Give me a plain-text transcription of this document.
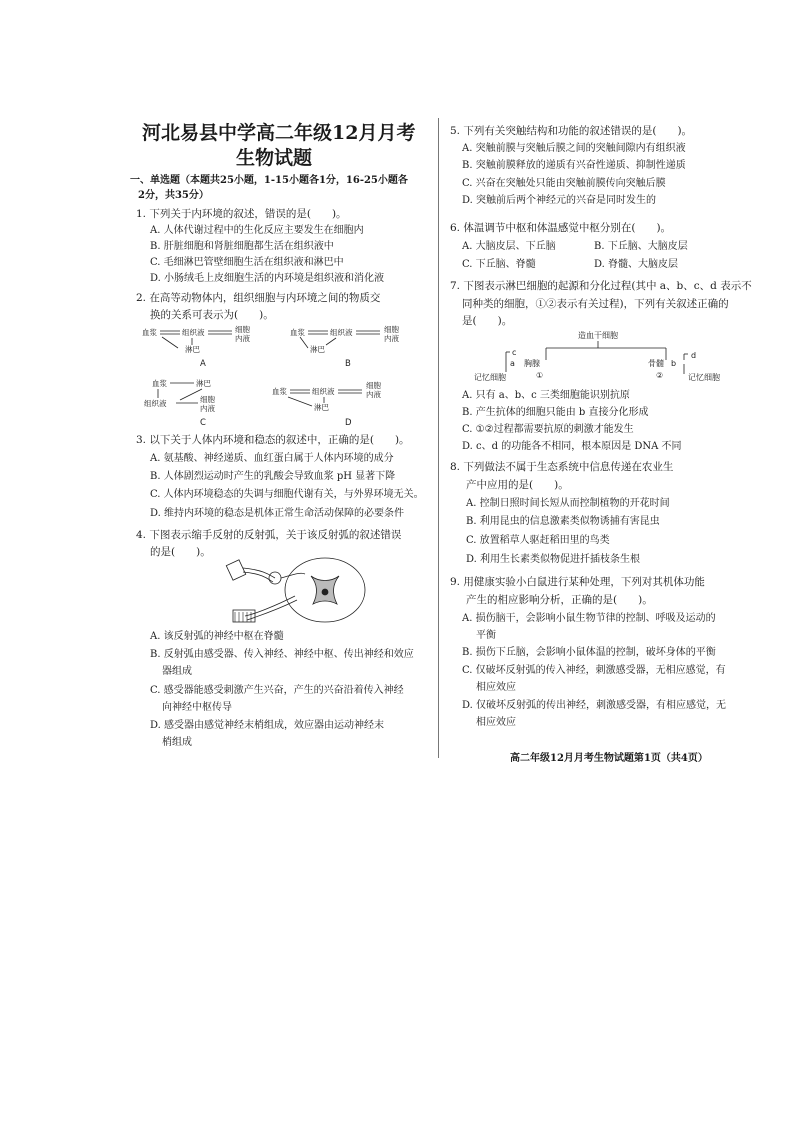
河北易县中学高二年级12月月考
生物试题
一、单选题（本题共25小题，1-15小题各1分，16-25小题各
2分，共35分）
1. 下列关于内环境的叙述，错误的是(　　)。
A. 人体代谢过程中的生化反应主要发生在细胞内
B. 肝脏细胞和肾脏细胞都生活在组织液中
C. 毛细淋巴管壁细胞生活在组织液和淋巴中
D. 小肠绒毛上皮细胞生活的内环境是组织液和消化液
2. 在高等动物体内，组织细胞与内环境之间的物质交
换的关系可表示为(　　)。
血浆	组织液	细胞
内液
淋巴
A
血浆	组织液	细胞
内液
淋巴
B
血浆	淋巴
组织液	细胞
内液
C
血浆	组织液
细胞
内液
淋巴
D
3. 以下关于人体内环境和稳态的叙述中，正确的是(　　)。
A. 氨基酸、神经递质、血红蛋白属于人体内环境的成分
B. 人体剧烈运动时产生的乳酸会导致血浆 pH 显著下降
C. 人体内环境稳态的失调与细胞代谢有关，与外界环境无关。
D. 维持内环境的稳态是机体正常生命活动保障的必要条件
4. 下图表示缩手反射的反射弧，关于该反射弧的叙述错误
的是(　　)。
A. 该反射弧的神经中枢在脊髓
B. 反射弧由感受器、传入神经、神经中枢、传出神经和效应
器组成
C. 感受器能感受刺激产生兴奋，产生的兴奋沿着传入神经
向神经中枢传导
D. 感受器由感觉神经末梢组成，效应器由运动神经末
梢组成
5. 下列有关突触结构和功能的叙述错误的是(　　)。
A. 突触前膜与突触后膜之间的突触间隙内有组织液
B. 突触前膜释放的递质有兴奋性递质、抑制性递质
C. 兴奋在突触处只能由突触前膜传向突触后膜
D. 突触前后两个神经元的兴奋是同时发生的
6. 体温调节中枢和体温感觉中枢分别在(　　)。
A. 大脑皮层、下丘脑	B. 下丘脑、大脑皮层
C. 下丘脑、脊髓	D. 脊髓、大脑皮层
7. 下图表示淋巴细胞的起源和分化过程(其中 a、b、c、d 表示不
同种类的细胞，①②表示有关过程)，下列有关叙述正确的
是(　　)。
造血干细胞
a 胸腺	骨髓 b
c	d
①	②
记忆细胞	记忆细胞
A. 只有 a、b、c 三类细胞能识别抗原
B. 产生抗体的细胞只能由 b 直接分化形成
C. ①②过程都需要抗原的刺激才能发生
D. c、d 的功能各不相同，根本原因是 DNA 不同
8. 下列做法不属于生态系统中信息传递在农业生
产中应用的是(　　)。
A. 控制日照时间长短从而控制植物的开花时间
B. 利用昆虫的信息激素类似物诱捕有害昆虫
C. 放置稻草人驱赶稻田里的鸟类
D. 利用生长素类似物促进扦插枝条生根
9. 用健康实验小白鼠进行某种处理，下列对其机体功能
产生的相应影响分析，正确的是(　　)。
A. 损伤脑干，会影响小鼠生物节律的控制、呼吸及运动的
平衡
B. 损伤下丘脑，会影响小鼠体温的控制，破坏身体的平衡
C. 仅破坏反射弧的传入神经，刺激感受器，无相应感觉，有
相应效应
D. 仅破坏反射弧的传出神经，刺激感受器，有相应感觉，无
相应效应
高二年级12月月考生物试题第1页（共4页）
